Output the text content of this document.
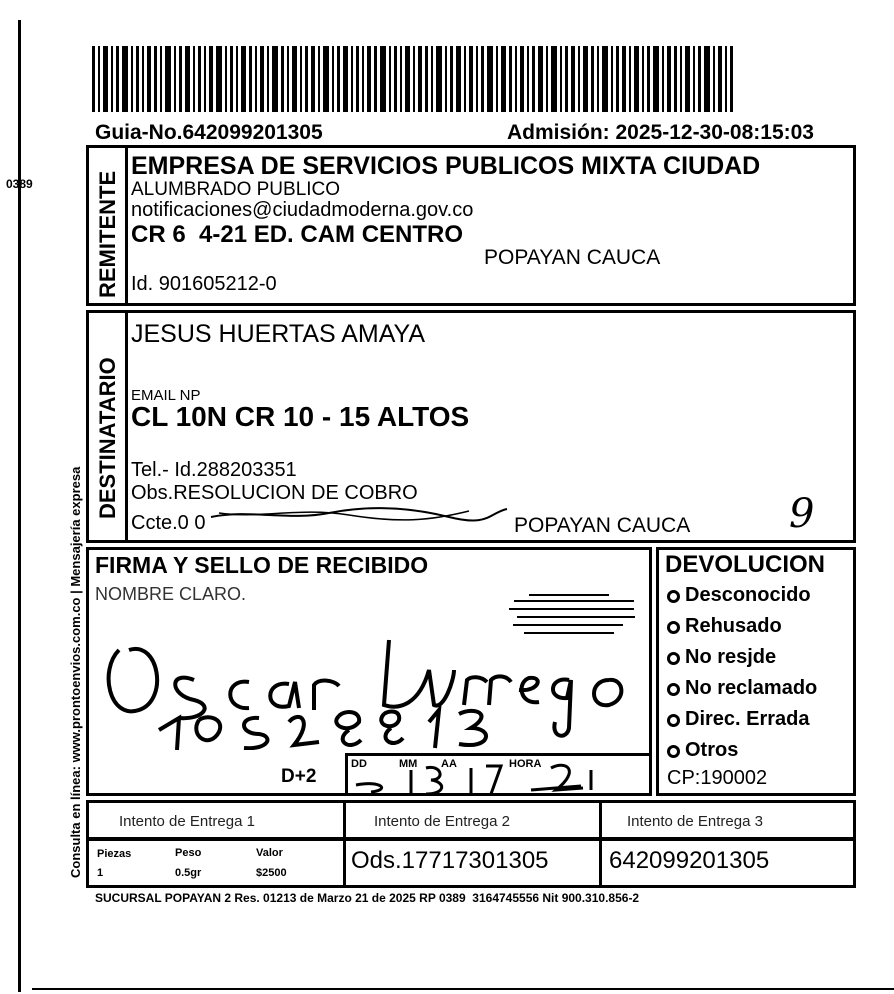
0389
Consulta en línea: www.prontoenvios.com.co | Mensajería expresa
Guia-No.642099201305	Admisión: 2025-12-30-08:15:03
REMITENTE
EMPRESA DE SERVICIOS PUBLICOS MIXTA CIUDAD
ALUMBRADO PUBLICO
notificaciones@ciudadmoderna.gov.co
CR 6  4-21 ED. CAM CENTRO
POPAYAN CAUCA
Id. 901605212-0
DESTINATARIO
JESUS HUERTAS AMAYA
EMAIL NP
CL 10N CR 10 - 15 ALTOS
Tel.- Id.288203351
Obs.RESOLUCION DE COBRO
Ccte.0 0	POPAYAN CAUCA 9
FIRMA Y SELLO DE RECIBIDO
NOMBRE CLARO.
D+2
DD	MM AA	HORA
DEVOLUCION
Desconocido
Rehusado
No resjde
No reclamado
Direc. Errada
Otros
CP:190002
Intento de Entrega 1	Intento de Entrega 2	Intento de Entrega 3
Piezas	Peso	Valor
1	0.5gr	$2500	Ods.17717301305	642099201305
SUCURSAL POPAYAN 2 Res. 01213 de Marzo 21 de 2025 RP 0389  3164745556 Nit 900.310.856-2
